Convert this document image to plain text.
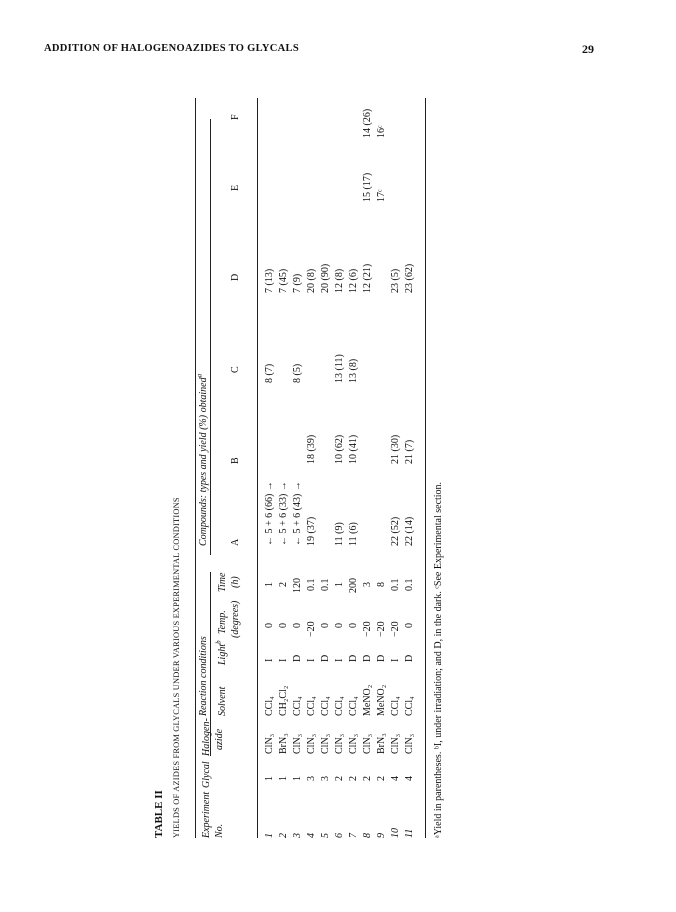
ADDITION OF HALOGENOAZIDES TO GLYCALS	29
TABLE II YIELDS OF AZIDES FROM GLYCALS UNDER VARIOUS EXPERIMENTAL CONDITIONS Experiment No.
Glycal
Halogen- azide
Reaction conditions Solvent
Light$^b$
Temp. (degrees)
Time (h)
Compounds: types and yield (%) obtained$^a$
A
B
C
D
E
F
1
1
ClN₃
CCl₄
I
0
1
← 5 + 6 (66) →
8 (7)
7 (13)
2
1
BrN₃
CH₂Cl₂
I
0
2
← 5 + 6 (33) →
7 (45)
3
1
ClN₃
CCl₄
D
0
120
← 5 + 6 (43) →
8 (5)
7 (9)
4
3
ClN₃
CCl₄
I
−20
0.1
19 (37)
18 (39)
20 (8)
5
3
ClN₃
CCl₄
D
0
0.1
20 (90)
6
2
ClN₃
CCl₄
I
0
1
11 (9)
10 (62)
13 (11)
12 (8)
7
2
ClN₃
CCl₄
D
0
200
11 (6)
10 (41)
13 (8)
12 (6)
8
2
ClN₃
MeNO₂
D
−20
3
12 (21)
15 (17)
14 (26)
9
2
BrN₃
MeNO₂
D
−20
8
17ᶜ
16ᶜ
10
4
ClN₃
CCl₄
I
−20
0.1
22 (52)
21 (30)
23 (5)
11
4
ClN₃
CCl₄
D
0
0.1
22 (14)
21 (7)
23 (62)
ᵃYield in parentheses. ᵇI, under irradiation; and D, in the dark. ᶜSee Experimental section.
